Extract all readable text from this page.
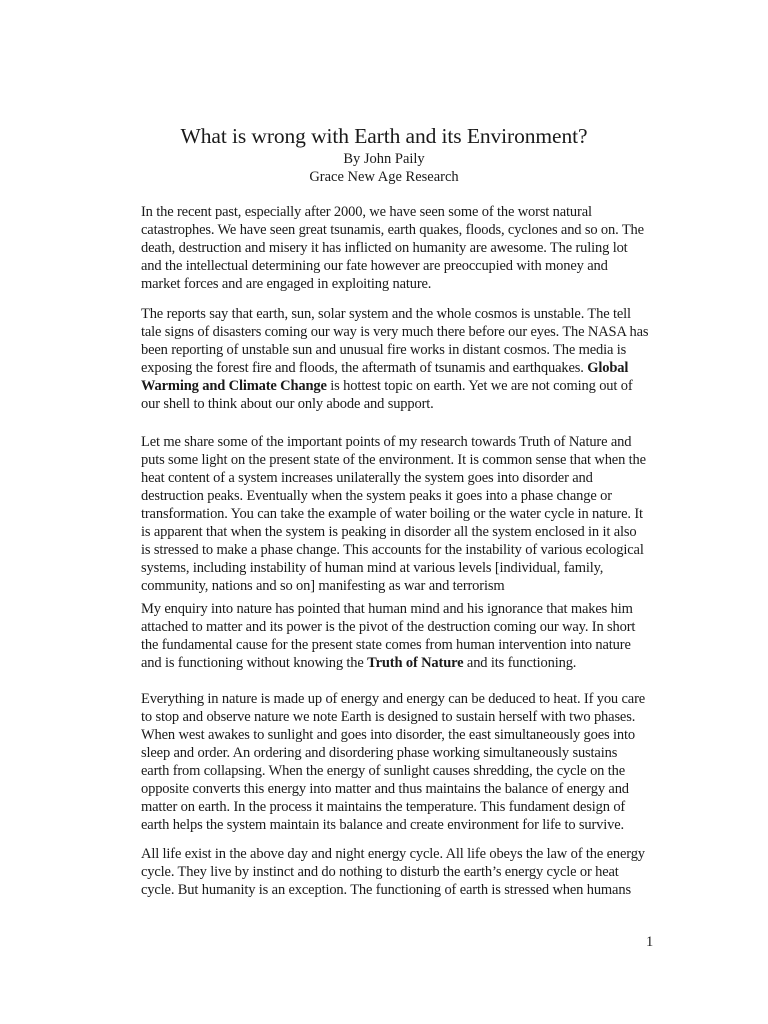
What is wrong with Earth and its Environment?
By John Paily
Grace New Age Research

In the recent past, especially after 2000, we have seen some of the worst natural

catastrophes. We have seen great tsunamis, earth quakes, floods, cyclones and so on. The

death, destruction and misery it has inflicted on humanity are awesome. The ruling lot

and the intellectual determining our fate however are preoccupied with money and

market forces and are engaged in exploiting nature.

The reports say that earth, sun, solar system and the whole cosmos is unstable. The tell

tale signs of disasters coming our way is very much there before our eyes. The NASA has

been reporting of unstable sun and unusual fire works in distant cosmos. The media is

exposing the forest fire and floods, the aftermath of tsunamis and earthquakes. Global

Warming and Climate Change is hottest topic on earth. Yet we are not coming out of

our shell to think about our only abode and support.

Let me share some of the important points of my research towards Truth of Nature and

puts some light on the present state of the environment. It is common sense that when the

heat content of a system increases unilaterally the system goes into disorder and

destruction peaks. Eventually when the system peaks it goes into a phase change or

transformation. You can take the example of water boiling or the water cycle in nature. It

is apparent that when the system is peaking in disorder all the system enclosed in it also

is stressed to make a phase change. This accounts for the instability of various ecological

systems, including instability of human mind at various levels [individual, family,

community, nations and so on] manifesting as war and terrorism

My enquiry into nature has pointed that human mind and his ignorance that makes him

attached to matter and its power is the pivot of the destruction coming our way. In short

the fundamental cause for the present state comes from human intervention into nature

and is functioning without knowing the Truth of Nature and its functioning.

Everything in nature is made up of energy and energy can be deduced to heat. If you care

to stop and observe nature we note Earth is designed to sustain herself with two phases.

When west awakes to sunlight and goes into disorder, the east simultaneously goes into

sleep and order. An ordering and disordering phase working simultaneously sustains

earth from collapsing. When the energy of sunlight causes shredding, the cycle on the

opposite converts this energy into matter and thus maintains the balance of energy and

matter on earth. In the process it maintains the temperature. This fundament design of

earth helps the system maintain its balance and create environment for life to survive.

All life exist in the above day and night energy cycle. All life obeys the law of the energy

cycle. They live by instinct and do nothing to disturb the earth’s energy cycle or heat

cycle. But humanity is an exception. The functioning of earth is stressed when humans

1
